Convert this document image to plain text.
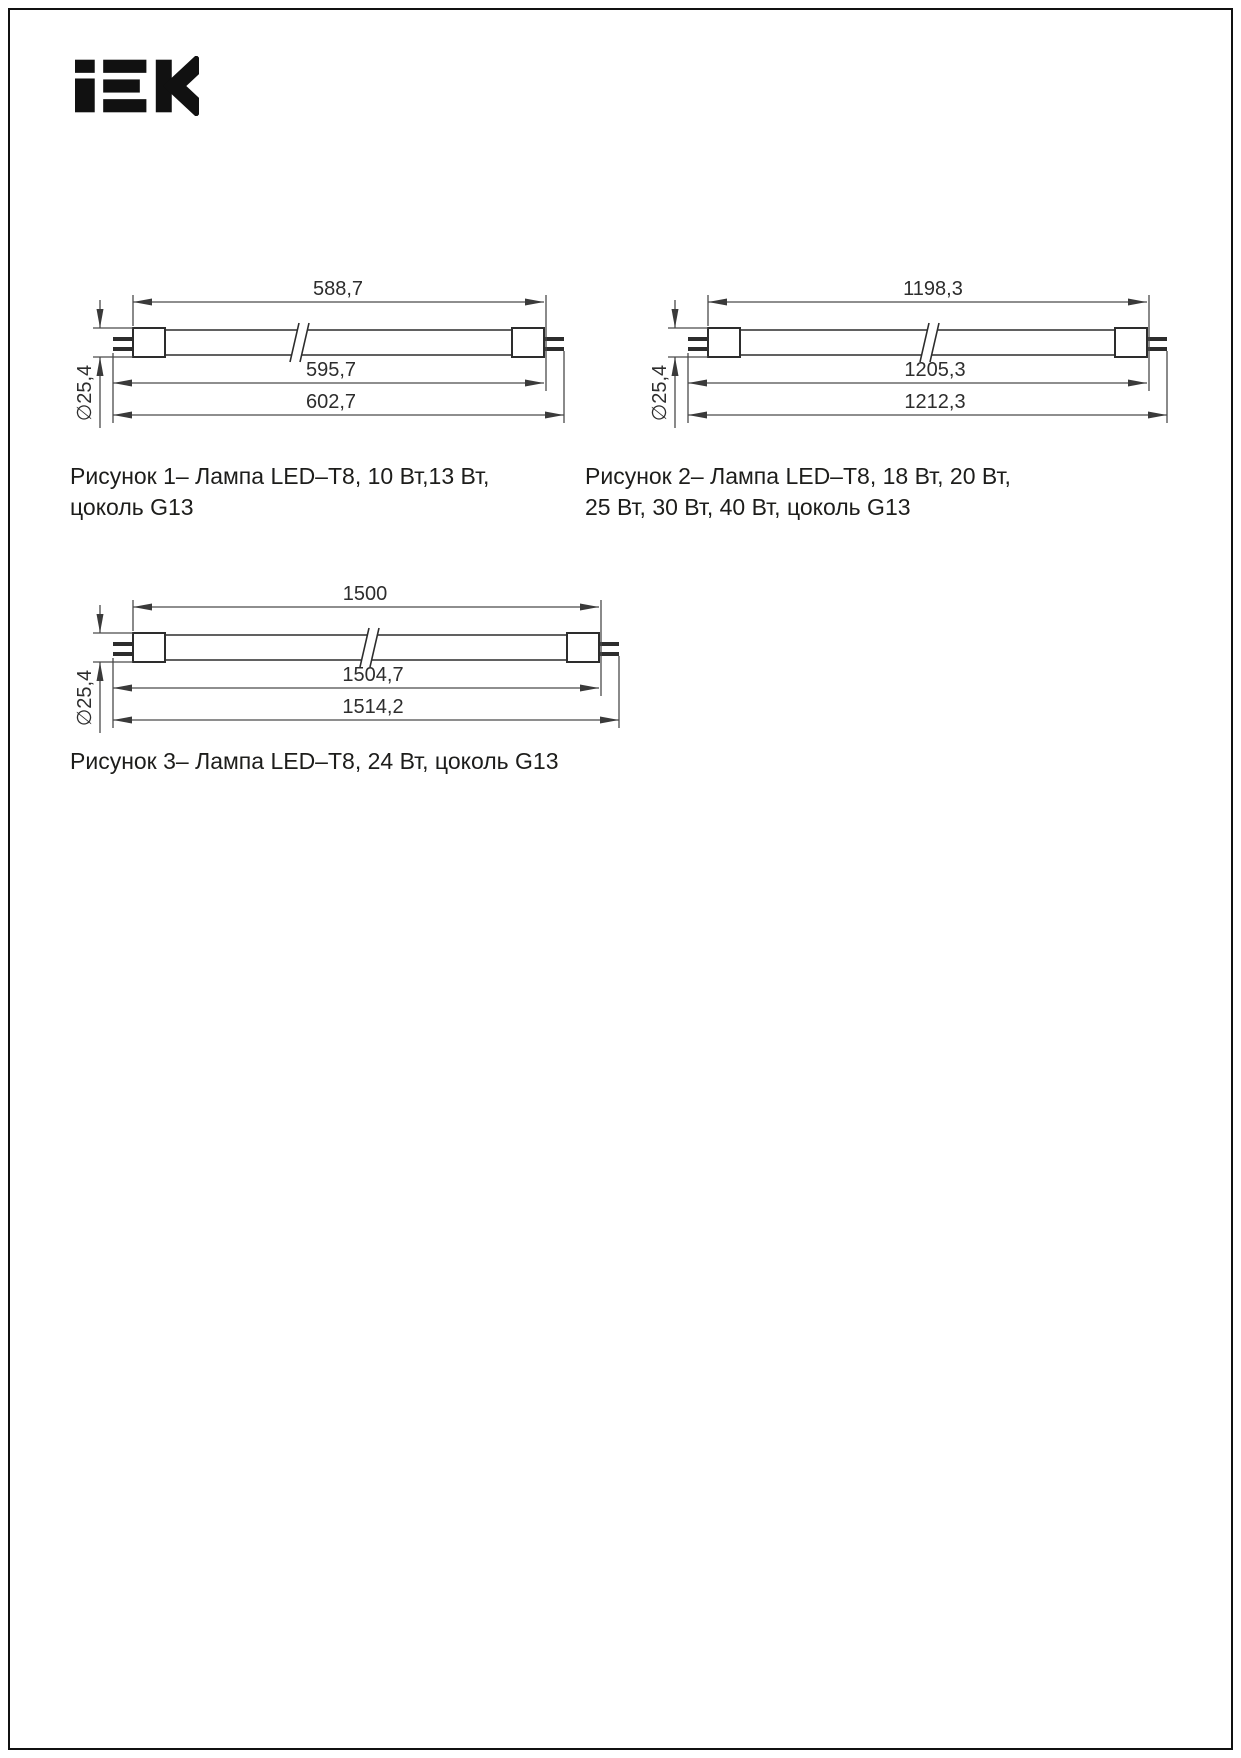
588,7
595,7
602,7
∅25,4
1198,3
1205,3
1212,3
∅25,4
1500
1504,7
1514,2
∅25,4
Рисунок 1– Лампа LED–T8, 10 Вт,13 Вт,
цоколь G13
Рисунок 2– Лампа LED–T8, 18 Вт, 20 Вт,
25 Вт, 30 Вт, 40 Вт, цоколь G13
Рисунок 3– Лампа LED–T8, 24 Вт, цоколь G13
